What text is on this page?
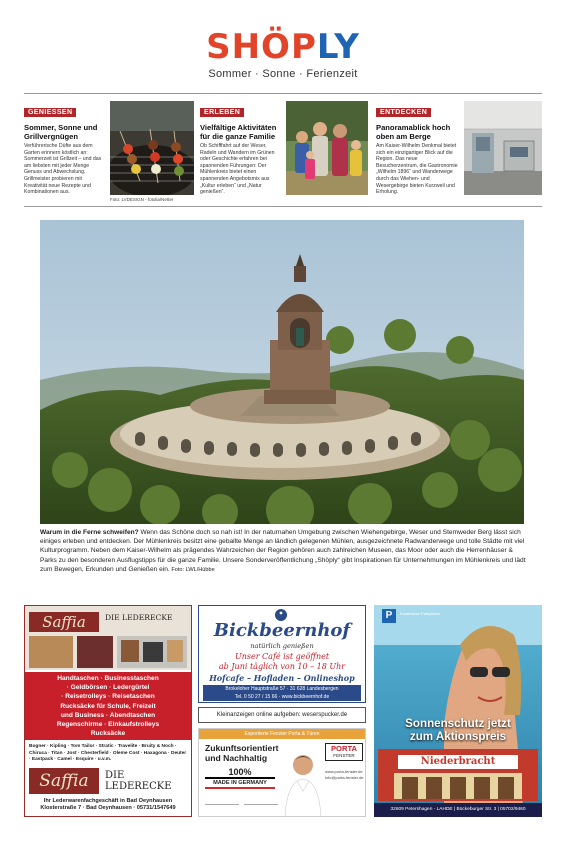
SHÖPLY
Sommer · Sonne · Ferienzeit
GENIESSEN
Sommer, Sonne und Grillvergnügen
Verführerische Düfte aus dem Garten erinnern köstlich an: Sommerzeit ist Grillzeit – und das am liebsten mit jeder Menge Genuss und Abwechslung. Grillmeister probieren mit Kreativität neue Rezepte und Kombinationen aus.
Foto: LVDESIGN - fotolia/Netter
ERLEBEN
Vielfältige Aktivitäten für die ganze Familie
Ob Schifffahrt auf der Weser, Radeln und Wandern im Grünen oder Geschichte erfahren bei spannenden Führungen: Der Mühlenkreis bietet einen spannenden Angebotsmix aus „Kultur erleben“ und „Natur genießen“.
ENTDECKEN
Panoramablick hoch oben am Berge
Am Kaiser-Wilhelm Denkmal bietet sich ein einzigartiger Blick auf die Region. Das neue Besucherzentrum, die Gastronomie „Wilhelm 1896“ und Wanderwege durch das Wiehen- und Wesergebirge bieten Kurzweil und Erholung.
Warum in die Ferne schweifen? Wenn das Schöne doch so nah ist! In der naturnahen Umgebung zwischen Wiehengebirge, Weser und Stemweder Berg lässt sich einiges erleben und entdecken. Der Mühlenkreis besitzt eine geballte Menge an ländlich gelegenen Mühlen, ausgezeichnete Radwanderwege und tolle Städte mit viel Kulturprogramm. Neben dem Kaiser-Wilhelm als prägendes Wahrzeichen der Region gehören auch zahlreichen Museen, das Moor oder auch die Herrenhäuser & Parks zu den besonderen Ausflugstipps für die ganze Familie. Unsere Sonderveröffentlichung „Shöply“ gibt Inspirationen für Unternehmungen im Mühlenkreis und lädt zum Bewegen, Erkunden und Genießen ein. Foto: LWL/Hübbe
Saffia	DIE LEDERECKE
Handtaschen · Businesstaschen
· Geldbörsen · Ledergürtel
· Reisetrolleys · Reisetaschen
Rucksäcke für Schule, Freizeit
und Business · Abendtaschen
Regenschirme · Einkaufstrolleys
Rucksäcke
Bogner · Kipling · Tom Tailor · Stratic · Travelite · Bruity & Noch · Chiruca · Titan · Jost · Chesterfield · Oleme Cost · Haxagona · Deuter · Eastpack · Camel · Esquire · u.v.m.
Saffia	DIE LEDERECKE
Ihr Lederwarenfachgeschäft in Bad Oeynhausen
Klosterstraße 7 · Bad Oeynhausen · 05731/1547649
Bickbeernhof
natürlich genießen
Unser Café ist geöffnet
ab Juni täglich von 10 – 18 Uhr
Hofcafe – Hofladen – Onlineshop
Brokeloher Hauptstraße 57 · 31 628 Landesbergen
Tel. 0 50 27 / 15 66 · www.bickbeernhof.de
Kleinanzeigen online aufgeben: weserspucker.de
Exportierte Fenster Porta & Türen
Zukunftsorientiert
und Nachhaltig
100%
MADE IN GERMANY

PORTA
FENSTER
www.porta-fenster.de
info@porta-fenster.de
P	Kostenlose Parkplätze
Sonnenschutz jetzt
zum Aktionspreis
Niederbracht
32609 Petershagen - LAHDE | Bückeburger Str. 3 | 05702/9460
